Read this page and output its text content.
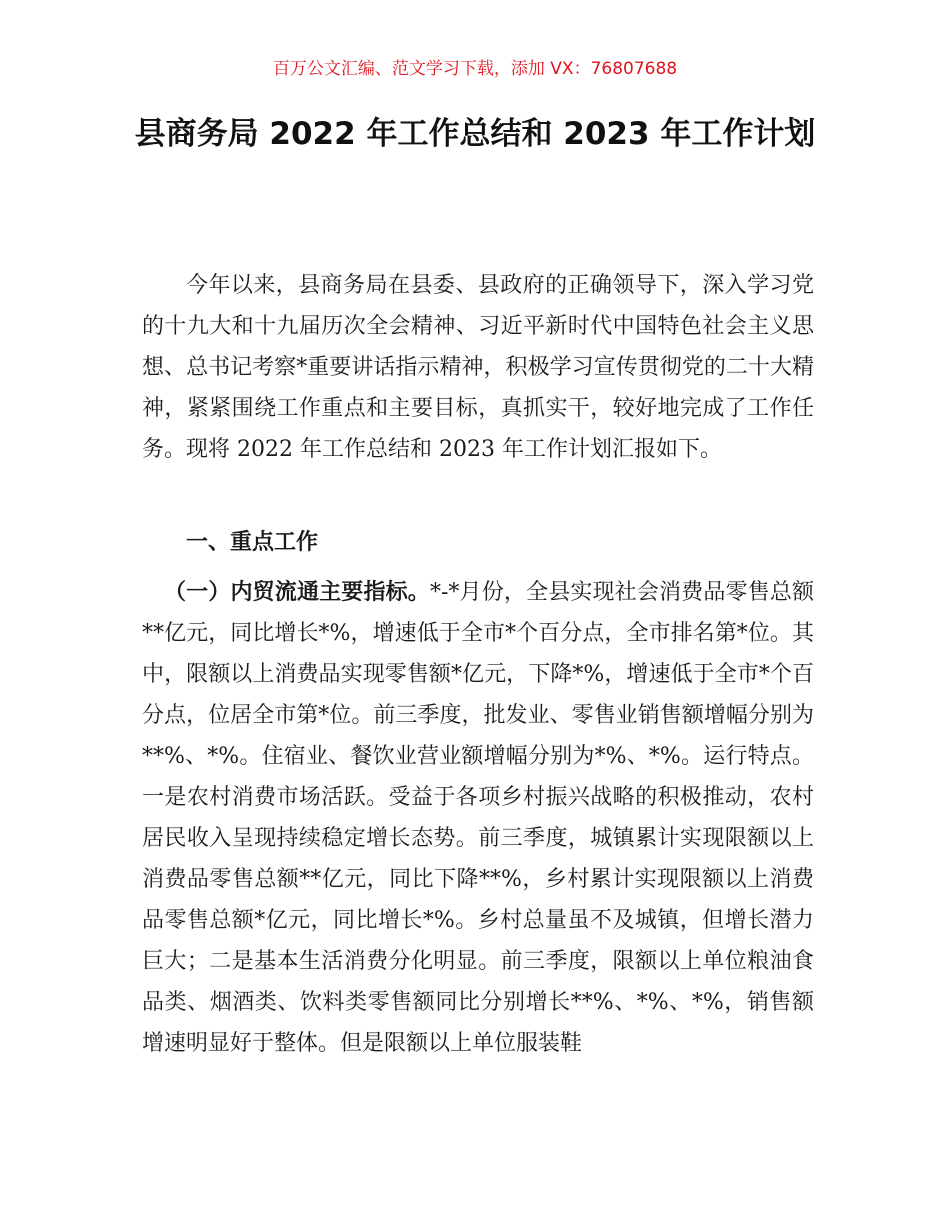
百万公文汇编、范文学习下载，添加 VX：76807688
县商务局 2022 年工作总结和 2023 年工作计划

今年以来，县商务局在县委、县政府的正确领导下，深入学习党的十九大和十九届历次全会精神、习近平新时代中国特色社会主义思想、总书记考察*重要讲话指示精神，积极学习宣传贯彻党的二十大精神，紧紧围绕工作重点和主要目标，真抓实干，较好地完成了工作任务。现将 2022 年工作总结和 2023 年工作计划汇报如下。

一、重点工作

（一）内贸流通主要指标。*-*月份，全县实现社会消费品零售总额**亿元，同比增长*%，增速低于全市*个百分点，全市排名第*位。其中，限额以上消费品实现零售额*亿元，下降*%，增速低于全市*个百分点，位居全市第*位。前三季度，批发业、零售业销售额增幅分别为**%、*%。住宿业、餐饮业营业额增幅分别为*%、*%。运行特点。一是农村消费市场活跃。受益于各项乡村振兴战略的积极推动，农村居民收入呈现持续稳定增长态势。前三季度，城镇累计实现限额以上消费品零售总额**亿元，同比下降**%，乡村累计实现限额以上消费品零售总额*亿元，同比增长*%。乡村总量虽不及城镇，但增长潜力巨大；二是基本生活消费分化明显。前三季度，限额以上单位粮油食品类、烟酒类、饮料类零售额同比分别增长**%、*%、*%，销售额增速明显好于整体。但是限额以上单位服装鞋
